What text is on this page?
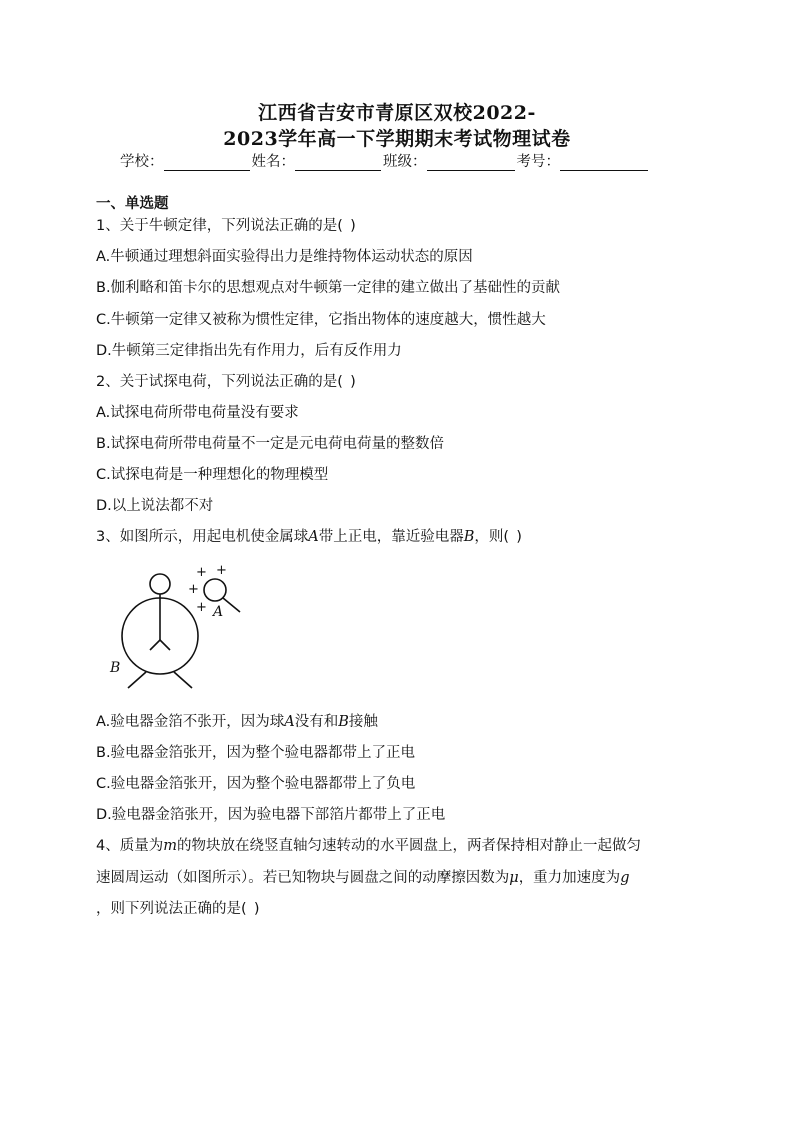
江西省吉安市青原区双校2022-
2023学年高一下学期期末考试物理试卷
学校：	姓名：	班级：	考号：
一、单选题
1、关于牛顿定律，下列说法正确的是( )
A.牛顿通过理想斜面实验得出力是维持物体运动状态的原因
B.伽利略和笛卡尔的思想观点对牛顿第一定律的建立做出了基础性的贡献
C.牛顿第一定律又被称为惯性定律，它指出物体的速度越大，惯性越大
D.牛顿第三定律指出先有作用力，后有反作用力
2、关于试探电荷，下列说法正确的是( )
A.试探电荷所带电荷量没有要求
B.试探电荷所带电荷量不一定是元电荷电荷量的整数倍
C.试探电荷是一种理想化的物理模型
D.以上说法都不对
3、如图所示，用起电机使金属球A带上正电，靠近验电器B，则( )
+ +
+
+ A
B
A.验电器金箔不张开，因为球A没有和B接触
B.验电器金箔张开，因为整个验电器都带上了正电
C.验电器金箔张开，因为整个验电器都带上了负电
D.验电器金箔张开，因为验电器下部箔片都带上了正电
4、质量为m的物块放在绕竖直轴匀速转动的水平圆盘上，两者保持相对静止一起做匀
速圆周运动（如图所示）。若已知物块与圆盘之间的动摩擦因数为μ，重力加速度为g
，则下列说法正确的是( )
